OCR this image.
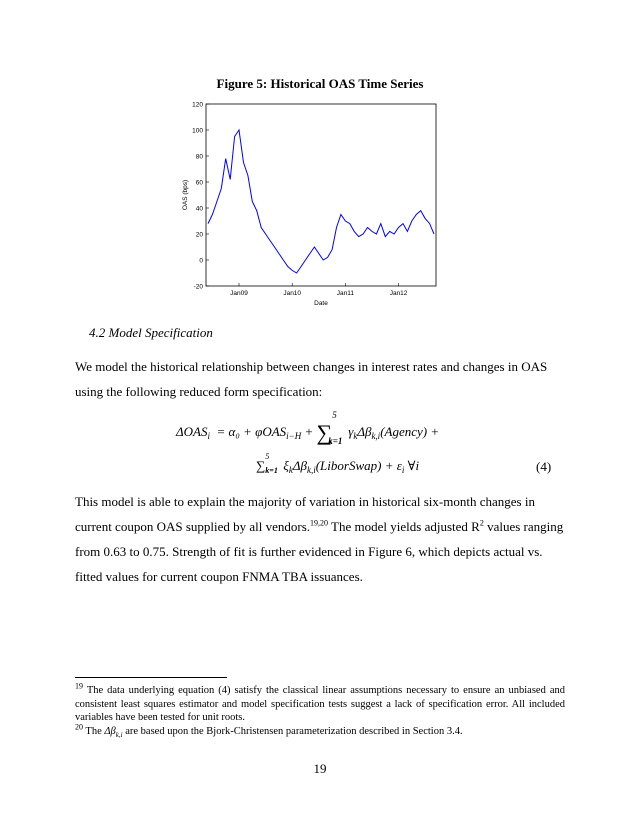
Figure 5: Historical OAS Time Series
-20
0
20
40
60
80
100
120
Jan09	Jan10	Jan11	Jan12
OAS (bps)
Date
4.2 Model Specification
We model the historical relationship between changes in interest rates and changes in OAS using the following reduced form specification:
$\Delta OAS_i = \alpha_0 + \varphi OAS_{i-H}$ + ∑
5
k=1
$\gamma_k\Delta\beta_{k,i}(Agency)$ +
∑
5
k=1 $\xi_k\Delta\beta_{k,i}(LiborSwap) + \varepsilon_i$ ∀i	(4)
This model is able to explain the majority of variation in historical six-month changes in current coupon OAS supplied by all vendors.$^{19,20}$ The model yields adjusted $R^2$ values ranging from 0.63 to 0.75. Strength of fit is further evidenced in Figure 6, which depicts actual vs. fitted values for current coupon FNMA TBA issuances.
$^{19}$ The data underlying equation (4) satisfy the classical linear assumptions necessary to ensure an unbiased and consistent least squares estimator and model specification tests suggest a lack of specification error. All included variables have been tested for unit roots.
$^{20}$ The $\Delta\beta_{k,i}$ are based upon the Bjork-Christensen parameterization described in Section 3.4.
19
